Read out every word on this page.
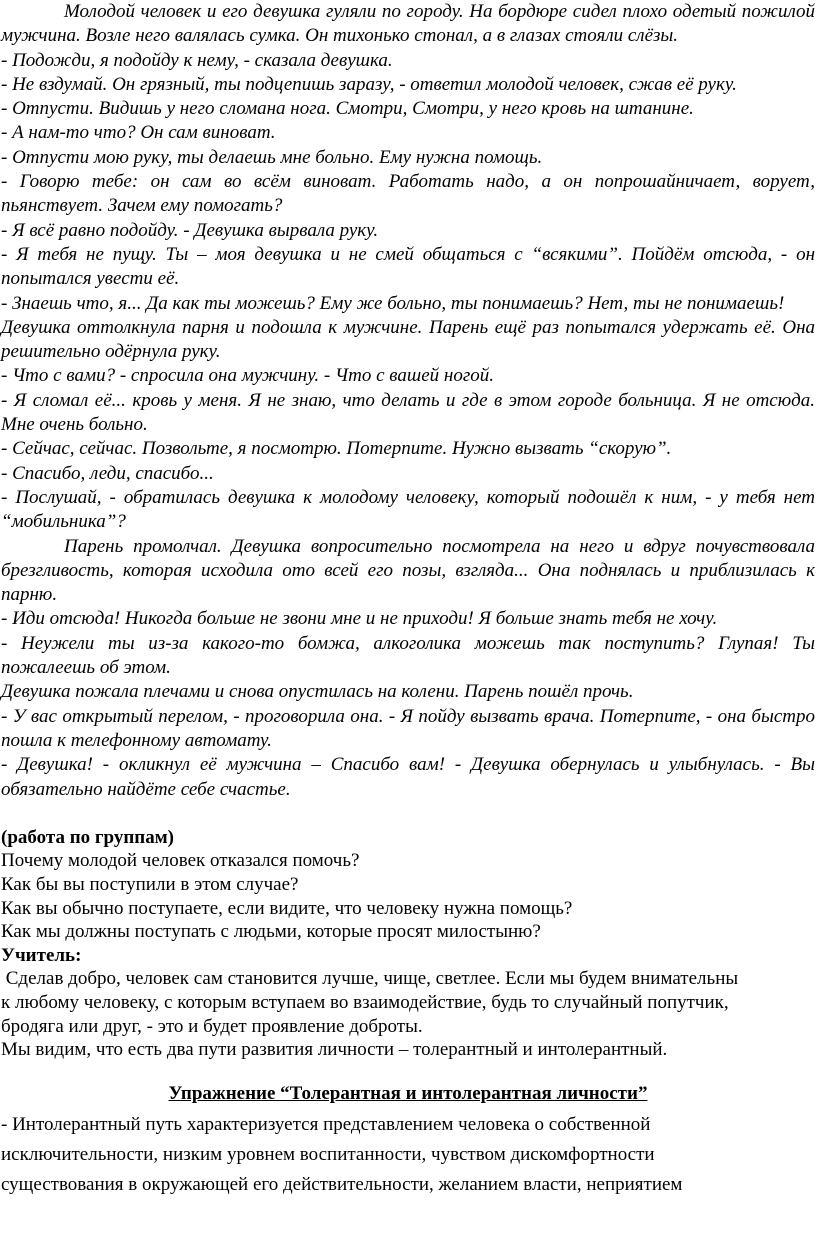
Молодой человек и его девушка гуляли по городу. На бордюре сидел плохо одетый пожилой мужчина. Возле него валялась сумка. Он тихонько стонал, а в глазах стояли слёзы.

- Подожди, я подойду к нему, - сказала девушка.

- Не вздумай. Он грязный, ты подцепишь заразу, - ответил молодой человек, сжав её руку.

- Отпусти. Видишь у него сломана нога. Смотри, Смотри, у него кровь на штанине.

- А нам-то что? Он сам виноват.

- Отпусти мою руку, ты делаешь мне больно. Ему нужна помощь.

- Говорю тебе: он сам во всём виноват. Работать надо, а он попрошайничает, ворует, пьянствует. Зачем ему помогать?

- Я всё равно подойду. - Девушка вырвала руку.

- Я тебя не пущу. Ты – моя девушка и не смей общаться с “всякими”. Пойдём отсюда, - он попытался увести её.

- Знаешь что, я... Да как ты можешь? Ему же больно, ты понимаешь? Нет, ты не понимаешь!

Девушка оттолкнула парня и подошла к мужчине. Парень ещё раз попытался удержать её. Она решительно одёрнула руку.

- Что с вами? - спросила она мужчину. - Что с вашей ногой.

- Я сломал её... кровь у меня. Я не знаю, что делать и где в этом городе больница. Я не отсюда. Мне очень больно.

- Сейчас, сейчас. Позвольте, я посмотрю. Потерпите. Нужно вызвать “скорую”.

- Спасибо, леди, спасибо...

- Послушай, - обратилась девушка к молодому человеку, который подошёл к ним, - у тебя нет “мобильника”?

Парень промолчал. Девушка вопросительно посмотрела на него и вдруг почувствовала брезгливость, которая исходила ото всей его позы, взгляда... Она поднялась и приблизилась к парню.

- Иди отсюда! Никогда больше не звони мне и не приходи! Я больше знать тебя не хочу.

- Неужели ты из-за какого-то бомжа, алкоголика можешь так поступить? Глупая! Ты пожалеешь об этом.

Девушка пожала плечами и снова опустилась на колени. Парень пошёл прочь.

- У вас открытый перелом, - проговорила она. - Я пойду вызвать врача. Потерпите, - она быстро пошла к телефонному автомату.

- Девушка! - окликнул её мужчина – Спасибо вам! - Девушка обернулась и улыбнулась. - Вы обязательно найдёте себе счастье.

(работа по группам)

Почему молодой человек отказался помочь?

Как бы вы поступили в этом случае?

Как вы обычно поступаете, если видите, что человеку нужна помощь?

Как мы должны поступать с людьми, которые просят милостыню?

Учитель:

Сделав добро, человек сам становится лучше, чище, светлее. Если мы будем внимательны

к любому человеку, с которым вступаем во взаимодействие, будь то случайный попутчик,

бродяга или друг, - это и будет проявление доброты.

Мы видим, что есть два пути развития личности – толерантный и интолерантный.

Упражнение “Толерантная и интолерантная личности”

- Интолерантный путь характеризуется представлением человека о собственной

исключительности, низким уровнем воспитанности, чувством дискомфортности

существования в окружающей его действительности, желанием власти, неприятием
